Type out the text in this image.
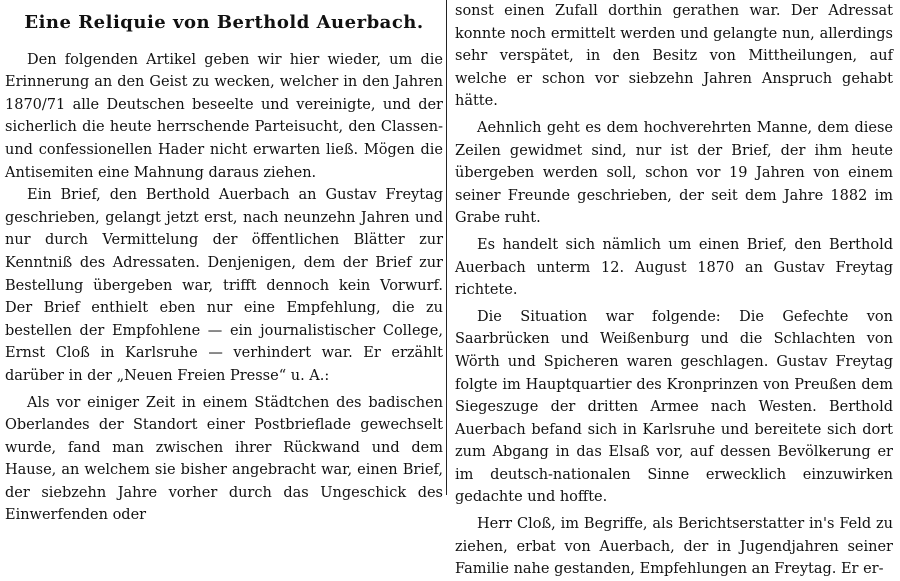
Eine Reliquie von Berthold Auerbach.

Den folgenden Artikel geben wir hier wieder, um die Erinnerung an den Geist zu wecken, welcher in den Jahren 1870/71 alle Deutschen beseelte und vereinigte, und der sicherlich die heute herrschende Parteisucht, den Classen- und confessionellen Hader nicht erwarten ließ. Mögen die Antisemiten eine Mahnung daraus ziehen.

Ein Brief, den Berthold Auerbach an Gustav Freytag geschrieben, gelangt jetzt erst, nach neunzehn Jahren und nur durch Vermittelung der öffentlichen Blätter zur Kenntniß des Adressaten. Denjenigen, dem der Brief zur Bestellung übergeben war, trifft dennoch kein Vorwurf. Der Brief enthielt eben nur eine Empfehlung, die zu bestellen der Empfohlene — ein journalistischer College, Ernst Cloß in Karlsruhe — verhindert war. Er erzählt darüber in der „Neuen Freien Presse“ u. A.:

Als vor einiger Zeit in einem Städtchen des badischen Oberlandes der Standort einer Postbrieflade gewechselt wurde, fand man zwischen ihrer Rückwand und dem Hause, an welchem sie bisher angebracht war, einen Brief, der siebzehn Jahre vorher durch das Ungeschick des Einwerfenden oder

sonst einen Zufall dorthin gerathen war. Der Adressat konnte noch ermittelt werden und gelangte nun, allerdings sehr verspätet, in den Besitz von Mittheilungen, auf welche er schon vor siebzehn Jahren Anspruch gehabt hätte.

Aehnlich geht es dem hochverehrten Manne, dem diese Zeilen gewidmet sind, nur ist der Brief, der ihm heute übergeben werden soll, schon vor 19 Jahren von einem seiner Freunde geschrieben, der seit dem Jahre 1882 im Grabe ruht.

Es handelt sich nämlich um einen Brief, den Berthold Auerbach unterm 12. August 1870 an Gustav Freytag richtete.

Die Situation war folgende: Die Gefechte von Saarbrücken und Weißenburg und die Schlachten von Wörth und Spicheren waren geschlagen. Gustav Freytag folgte im Hauptquartier des Kronprinzen von Preußen dem Siegeszuge der dritten Armee nach Westen. Berthold Auerbach befand sich in Karlsruhe und bereitete sich dort zum Abgang in das Elsaß vor, auf dessen Bevölkerung er im deutsch-nationalen Sinne erwecklich einzuwirken gedachte und hoffte.

Herr Cloß, im Begriffe, als Berichtserstatter in's Feld zu ziehen, erbat von Auerbach, der in Jugendjahren seiner Familie nahe gestanden, Empfehlungen an Freytag. Er er-
